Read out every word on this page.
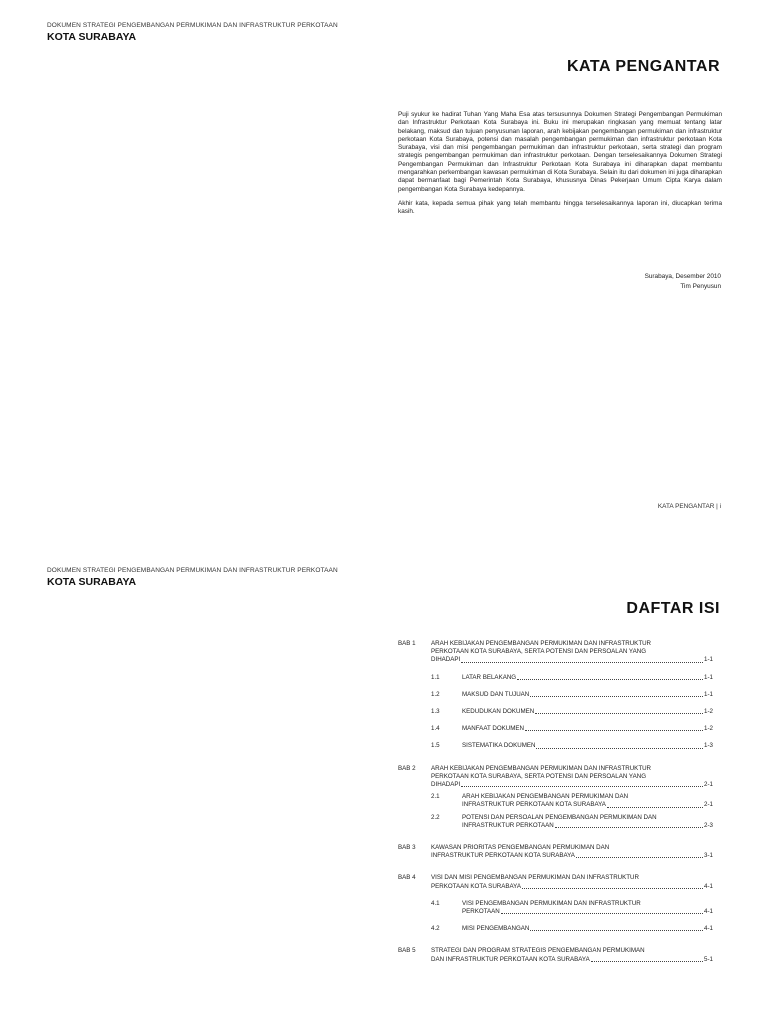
DOKUMEN STRATEGI PENGEMBANGAN PERMUKIMAN DAN INFRASTRUKTUR PERKOTAAN
KOTA SURABAYA
KATA PENGANTAR

Puji syukur ke hadirat Tuhan Yang Maha Esa atas tersusunnya Dokumen Strategi Pengembangan Permukiman dan Infrastruktur Perkotaan Kota Surabaya ini. Buku ini merupakan ringkasan yang memuat tentang latar belakang, maksud dan tujuan penyusunan laporan, arah kebijakan pengembangan permukiman dan infrastruktur perkotaan Kota Surabaya, potensi dan masalah pengembangan permukiman dan infrastruktur perkotaan Kota Surabaya, visi dan misi pengembangan permukiman dan infrastruktur perkotaan, serta strategi dan program strategis pengembangan permukiman dan infrastruktur perkotaan. Dengan terselesaikannya Dokumen Strategi Pengembangan Permukiman dan Infrastruktur Perkotaan Kota Surabaya ini diharapkan dapat membantu mengarahkan perkembangan kawasan permukiman di Kota Surabaya. Selain itu dari dokumen ini juga diharapkan dapat bermanfaat bagi Pemerintah Kota Surabaya, khususnya Dinas Pekerjaan Umum Cipta Karya dalam pengembangan Kota Surabaya kedepannya.

Akhir kata, kepada semua pihak yang telah membantu hingga terselesaikannya laporan ini, diucapkan terima kasih.

Surabaya, Desember 2010
Tim Penyusun
KATA PENGANTAR | i
DOKUMEN STRATEGI PENGEMBANGAN PERMUKIMAN DAN INFRASTRUKTUR PERKOTAAN
KOTA SURABAYA
DAFTAR ISI
BAB 1 ARAH KEBIJAKAN PENGEMBANGAN PERMUKIMAN DAN INFRASTRUKTUR
PERKOTAAN KOTA SURABAYA, SERTA POTENSI DAN PERSOALAN YANG
DIHADAPI	1-1
1.1	LATAR BELAKANG	1-1
1.2	MAKSUD DAN TUJUAN	1-1
1.3	KEDUDUKAN DOKUMEN	1-2
1.4	MANFAAT DOKUMEN	1-2
1.5	SISTEMATIKA DOKUMEN	1-3
BAB 2 ARAH KEBIJAKAN PENGEMBANGAN PERMUKIMAN DAN INFRASTRUKTUR
PERKOTAAN KOTA SURABAYA, SERTA POTENSI DAN PERSOALAN YANG
DIHADAPI	2-1
2.1	ARAH KEBIJAKAN PENGEMBANGAN PERMUKIMAN DAN
INFRASTRUKTUR PERKOTAAN KOTA SURABAYA	2-1
2.2	POTENSI DAN PERSOALAN PENGEMBANGAN PERMUKIMAN DAN
INFRASTRUKTUR PERKOTAAN	2-3
BAB 3 KAWASAN PRIORITAS PENGEMBANGAN PERMUKIMAN DAN
INFRASTRUKTUR PERKOTAAN KOTA SURABAYA	3-1
BAB 4 VISI DAN MISI PENGEMBANGAN PERMUKIMAN DAN INFRASTRUKTUR
PERKOTAAN KOTA SURABAYA	4-1
4.1	VISI PENGEMBANGAN PERMUKIMAN DAN INFRASTRUKTUR
PERKOTAAN	4-1
4.2	MISI PENGEMBANGAN	4-1
BAB 5 STRATEGI DAN PROGRAM STRATEGIS PENGEMBANGAN PERMUKIMAN
DAN INFRASTRUKTUR PERKOTAAN KOTA SURABAYA	5-1
